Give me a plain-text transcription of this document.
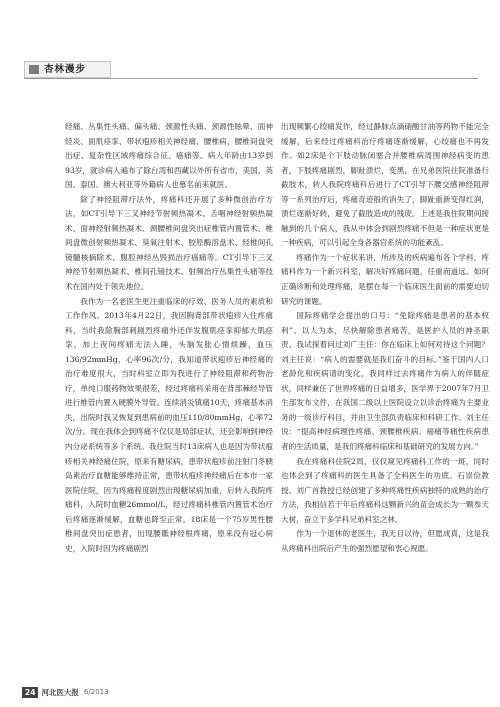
杏林漫步

经痛、丛集性头痛、偏头痛、颈源性头痛、颈源性眩晕、面神经炎、面肌痉挛、带状疱疹相关神经痛、腰椎病、腰椎间盘突出症、复杂性区域疼痛综合征、癌痛等。病人年龄由13岁到93岁，就诊病人遍布了除台湾和西藏以外所有省市，美国、英国、泰国、澳大利亚等外籍病人也慕名前来就医。

除了神经阻滞疗法外，疼痛科还开展了多种微创治疗方法，如CT引导下三叉神经节射频热凝术、舌咽神经射频热凝术、面神经射频热凝术、颈腰椎间盘突出症椎管内置管术、椎间盘微创射频热凝术、臭氧注射术、胶原酶溶盘术、经椎间孔镜髓核摘除术、腹腔神经丛毁损治疗癌痛等。CT引导下三叉神经节射频热凝术、椎间孔镜技术、射频治疗丛集性头痛等技术在国内处于领先地位。

我作为一名老医生更注重临床的疗效、医务人员的素质和工作作风。2013年4月22日，我因胸背部带状疱疹入住疼痛科，当时我除胸部刺剧烈疼痛外还伴发腹肌痉挛抑郁大肌痉挛，加上夜间疼痛无法入睡，头脑发胀心情烦躁，血压136/92mmHg，心率96次/分，我知道带状疱疹后神经痛的治疗难度很大，当时科室立即为我进行了神经阻滞和药物治疗，单纯口服药物效果很差，经过疼痛科采用在背部棘经导管进行椎管内置入硬膜外导管。连续消炎镇痛10天，疼痛基本消失，出院时我又恢复到患病前的血压110/80mmHg，心率72次/分。现在我体会到疼痛不仅仅是局部症状，还会影响到神经内分泌系统等多个系统。我住院当时13床病人也是因为带状疱疹相关神经痛住院，原来有糖尿病，患带状疱疹前注射门冬胰岛素治疗血糖能够维持正常，患带状疱疹神经痛后在本市一家医院住院，因为疼痛程度剧烈出现糖尿病加重，后转入我院疼痛科，入院时血糖26mmol/L，经过疼痛科椎管内置管术治疗后疼痛逐渐缓解，血糖也降至正常。18床是一个75岁男性腰椎间盘突出症患者，出现腰骶神经根疼痛，原来没有冠心病史，入院时因为疼痛剧烈

出现频繁心绞痛发作，经过静脉点滴硝酸甘油等药物不能完全缓解，后来经过疼痛科治疗疼痛逐渐缓解，心绞痛也不再发作。如2床是个下肢动脉闭塞合并腰椎病周围神经病变的患者，下肢疼痛剧烈，脚趾溃烂，变黑，在兄弟医院住院准备行截肢术，转入我院疼痛科后进行了CT引导下腰交感神经阻滞等一系列治疗后，疼痛奇迹般的消失了，脚趾重新变得红润，溃烂逐渐好转，避免了截肢造成的残废。上述是我住院期间接触到的几个病人，我从中体会到剧烈疼痛不但是一种症状更是一种疾病，可以引起全身各器官系统的功能紊乱。

疼痛作为一个症状来讲，所涉及的疾病遍布各个学科，疼痛科作为一个新兴科室，解决好疼痛问题，任重而道远。如何正确诊断和处理疼痛，是摆在每一个临床医生面前的需要迫切研究的课题。

国际疼痛学会提出的口号：“免除疼痛是患者的基本权利”。以人为本，尽快解除患者痛苦，是医护人员的神圣职责。我试探着问过刘广主任：你在临床上如何对待这个问题？刘主任说：“病人的需要就是我们奋斗的目标。”鉴于国内人口老龄化和疾病谱的变化，我同样过去疼痛作为病人的伴随症状，同样兼任了世界疼痛的日益增多，医学界于2007年7月卫生部发布文件，在我国二级以上医院设立以诊治疼痛为主要业务的一级诊疗科目，并由卫生部负责临床和科研工作。刘主任说：“提高神经病理性疼痛、颈腰椎疾病、癌痛等痛性疾病患者的生活质量，是我们疼痛科临床和基础研究的发展方向。”

我在疼痛科住院2周，仅仅窥见疼痛科工作的一斑，同时也体会到了疼痛科的医生具备了全科医生的功底。石崇俭教授、刘广首教授已经创建了多种疼痛性疾病独特的成熟的治疗方法，我相信若干年后疼痛科这颗新兴的苗会成长为一颗参天大树，奋立于多学科兄弟科室之林。

作为一个退休的老医生，我无目以待，但愿成真，这是我从疼痛科出院后产生的强烈愿望和衷心祝愿。

24 河北医大报 6/2013
